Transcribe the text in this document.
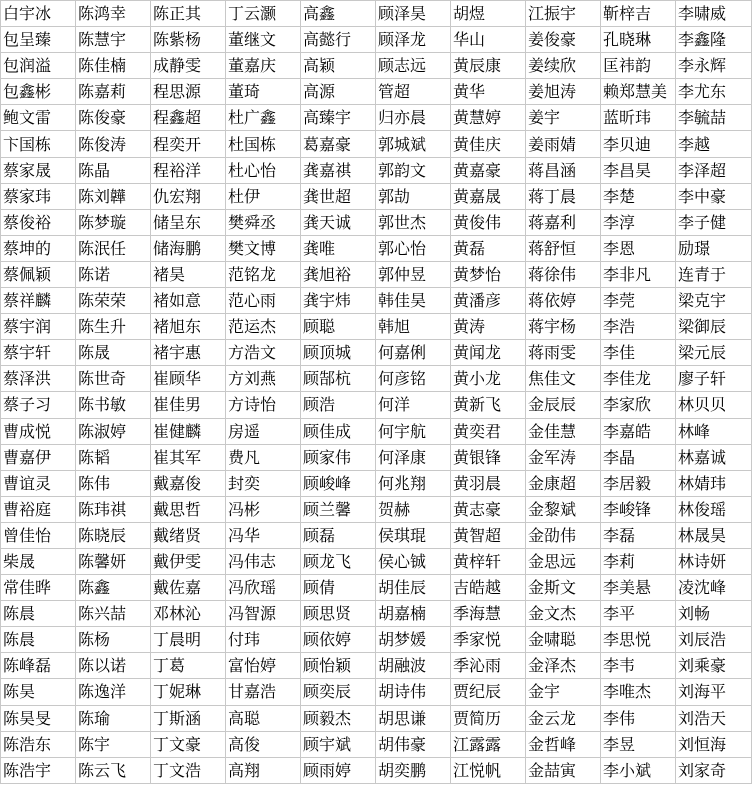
白宇冰	陈鸿幸	陈正其	丁云灏	高鑫	顾泽昊	胡煜	江振宇	靳梓吉	李啸威
包呈臻	陈慧宇	陈紫杨	董继文	高懿行	顾泽龙	华山	姜俊豪	孔晓琳	李鑫隆
包润溢	陈佳楠	成静雯	董嘉庆	高颖	顾志远	黄辰康	姜续欣	匡祎韵	李永辉
包鑫彬	陈嘉莉	程思源	董琦	高源	管超	黄华	姜旭涛	赖郑慧美	李尤东
鲍文雷	陈俊豪	程鑫超	杜广鑫	高臻宇	归亦晨	黄慧婷	姜宇	蓝昕玮	李毓喆
卞国栋	陈俊涛	程奕开	杜国栋	葛嘉豪	郭城斌	黄佳庆	姜雨婧	李贝迪	李越
蔡家晟	陈晶	程裕洋	杜心怡	龚嘉祺	郭韵文	黄嘉豪	蒋昌涵	李昌昊	李泽超
蔡家玮	陈刘韡	仇宏翔	杜伊	龚世超	郭劼	黄嘉晟	蒋丁晨	李楚	李中豪
蔡俊裕	陈梦璇	储呈东	樊舜丞	龚天诚	郭世杰	黄俊伟	蒋嘉利	李淳	李子健
蔡坤的	陈泯任	储海鹏	樊文博	龚唯	郭心怡	黄磊	蒋舒恒	李恩	励璟
蔡佩颖	陈诺	褚昊	范铭龙	龚旭裕	郭仲昱	黄梦怡	蒋徐伟	李非凡	连青于
蔡祥麟	陈荣荣	褚如意	范心雨	龚宇炜	韩佳昊	黄潘彦	蒋依婷	李莞	梁克宇
蔡宇润	陈生升	褚旭东	范运杰	顾聪	韩旭	黄涛	蒋宇杨	李浩	梁御辰
蔡宇轩	陈晟	褚宇惠	方浩文	顾顶城	何嘉俐	黄闻龙	蒋雨雯	李佳	梁元辰
蔡泽洪	陈世奇	崔顾华	方刘燕	顾郜杭	何彦铭	黄小龙	焦佳文	李佳龙	廖子轩
蔡子习	陈书敏	崔佳男	方诗怡	顾浩	何洋	黄新飞	金辰辰	李家欣	林贝贝
曹成悦	陈淑婷	崔健麟	房遥	顾佳成	何宇航	黄奕君	金佳慧	李嘉皓	林峰
曹嘉伊	陈韬	崔其军	费凡	顾家伟	何泽康	黄银锋	金军涛	李晶	林嘉诚
曹谊灵	陈伟	戴嘉俊	封奕	顾峻峰	何兆翔	黄羽晨	金康超	李居毅	林婧玮
曹裕庭	陈玮祺	戴思哲	冯彬	顾兰馨	贺赫	黄志豪	金黎斌	李峻锋	林俊瑶
曾佳怡	陈晓辰	戴绪贤	冯华	顾磊	侯琪琨	黄智超	金劭伟	李磊	林晟昊
柴晟	陈馨妍	戴伊雯	冯伟志	顾龙飞	侯心铖	黄梓轩	金思远	李莉	林诗妍
常佳晔	陈鑫	戴佐嘉	冯欣瑶	顾倩	胡佳辰	吉皓越	金斯文	李美悬	凌沈峰
陈晨	陈兴喆	邓林沁	冯智源	顾思贤	胡嘉楠	季海慧	金文杰	李平	刘畅
陈晨	陈杨	丁晨明	付玮	顾依婷	胡梦媛	季家悦	金啸聪	李思悦	刘辰浩
陈峰磊	陈以诺	丁葛	富怡婷	顾怡颖	胡融波	季沁雨	金泽杰	李韦	刘乘豪
陈昊	陈逸洋	丁妮琳	甘嘉浩	顾奕辰	胡诗伟	贾纪辰	金宇	李唯杰	刘海平
陈昊旻	陈瑜	丁斯涵	高聪	顾毅杰	胡思谦	贾简历	金云龙	李伟	刘浩天
陈浩东	陈宇	丁文豪	高俊	顾宇斌	胡伟豪	江露露	金哲峰	李昱	刘恒海
陈浩宇	陈云飞	丁文浩	高翔	顾雨婷	胡奕鹏	江悦帆	金喆寅	李小斌	刘家奇
